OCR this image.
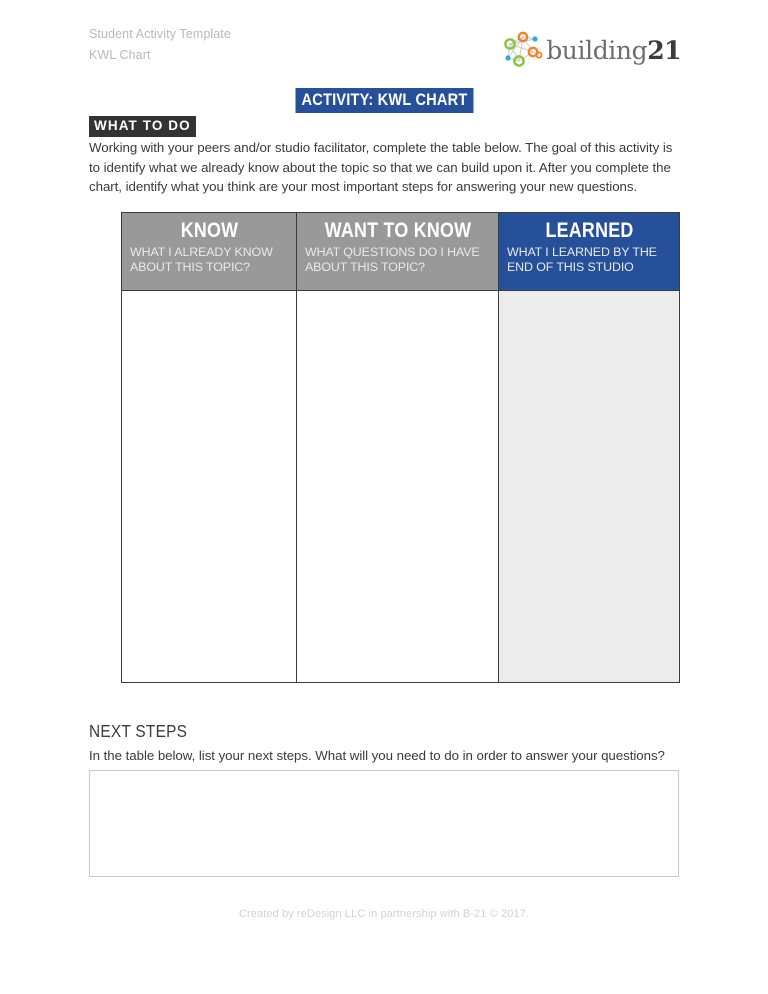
Student Activity Template
KWL Chart	building 21
ACTIVITY: KWL CHART
WHAT TO DO
Working with your peers and/or studio facilitator, complete the table below. The goal of this activity is to identify what we already know about the topic so that we can build upon it. After you complete the chart, identify what you think are your most important steps for answering your new questions.
KNOW
WHAT I ALREADY KNOW
ABOUT THIS TOPIC?
WANT TO KNOW
WHAT QUESTIONS DO I HAVE
ABOUT THIS TOPIC?
LEARNED
WHAT I LEARNED BY THE
END OF THIS STUDIO
NEXT STEPS
In the table below, list your next steps. What will you need to do in order to answer your questions?
Created by reDesign LLC in partnership with B-21 © 2017.
